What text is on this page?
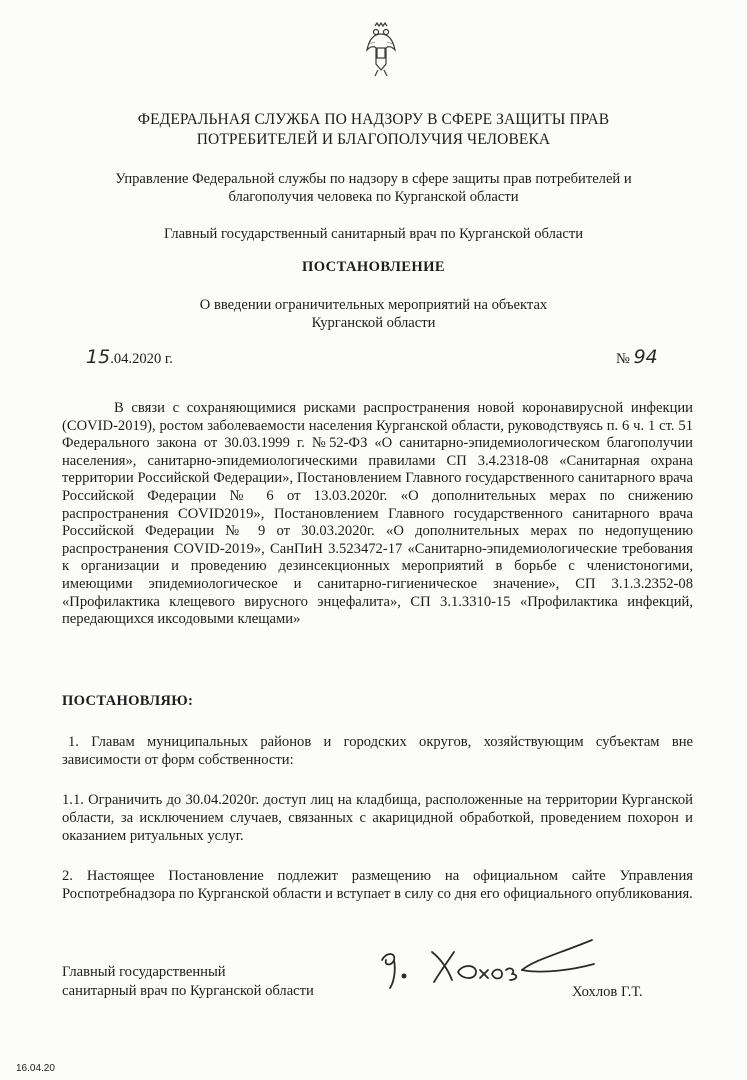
ФЕДЕРАЛЬНАЯ СЛУЖБА ПО НАДЗОРУ В СФЕРЕ ЗАЩИТЫ ПРАВ
ПОТРЕБИТЕЛЕЙ И БЛАГОПОЛУЧИЯ ЧЕЛОВЕКА
Управление Федеральной службы по надзору в сфере защиты прав потребителей и
благополучия человека по Курганской области
Главный государственный санитарный врач по Курганской области
ПОСТАНОВЛЕНИЕ
О введении ограничительных мероприятий на объектах
Курганской области
15.04.2020 г.	№ 94

В связи с сохраняющимися рисками распространения новой коронавирусной инфекции (COVID-2019), ростом заболеваемости населения Курганской области, руководствуясь п. 6 ч. 1 ст. 51 Федерального закона от 30.03.1999 г. №52-ФЗ «О санитарно-эпидемиологическом благополучии населения», санитарно-эпидемиологическими правилами СП 3.4.2318-08 «Санитарная охрана территории Российской Федерации», Постановлением Главного государственного санитарного врача Российской Федерации № 6 от 13.03.2020г. «О дополнительных мерах по снижению распространения COVID2019», Постановлением Главного государственного санитарного врача Российской Федерации № 9 от 30.03.2020г. «О дополнительных мерах по недопущению распространения COVID-2019», СанПиН 3.523472-17 «Санитарно-эпидемиологические требования к организации и проведению дезинсекционных мероприятий в борьбе с членистоногими, имеющими эпидемиологическое и санитарно-гигиеническое значение», СП 3.1.3.2352-08 «Профилактика клещевого вирусного энцефалита», СП 3.1.3310-15 «Профилактика инфекций, передающихся иксодовыми клещами»

ПОСТАНОВЛЯЮ:

1. Главам муниципальных районов и городских округов, хозяйствующим субъектам вне зависимости от форм собственности:

1.1. Ограничить до 30.04.2020г. доступ лиц на кладбища, расположенные на территории Курганской области, за исключением случаев, связанных с акарицидной обработкой, проведением похорон и оказанием ритуальных услуг.

2. Настоящее Постановление подлежит размещению на официальном сайте Управления Роспотребнадзора по Курганской области и вступает в силу со дня его официального опубликования.

Главный государственный
санитарный врач по Курганской области
Г. Хохлов
Хохлов Г.Т.
16.04.20
